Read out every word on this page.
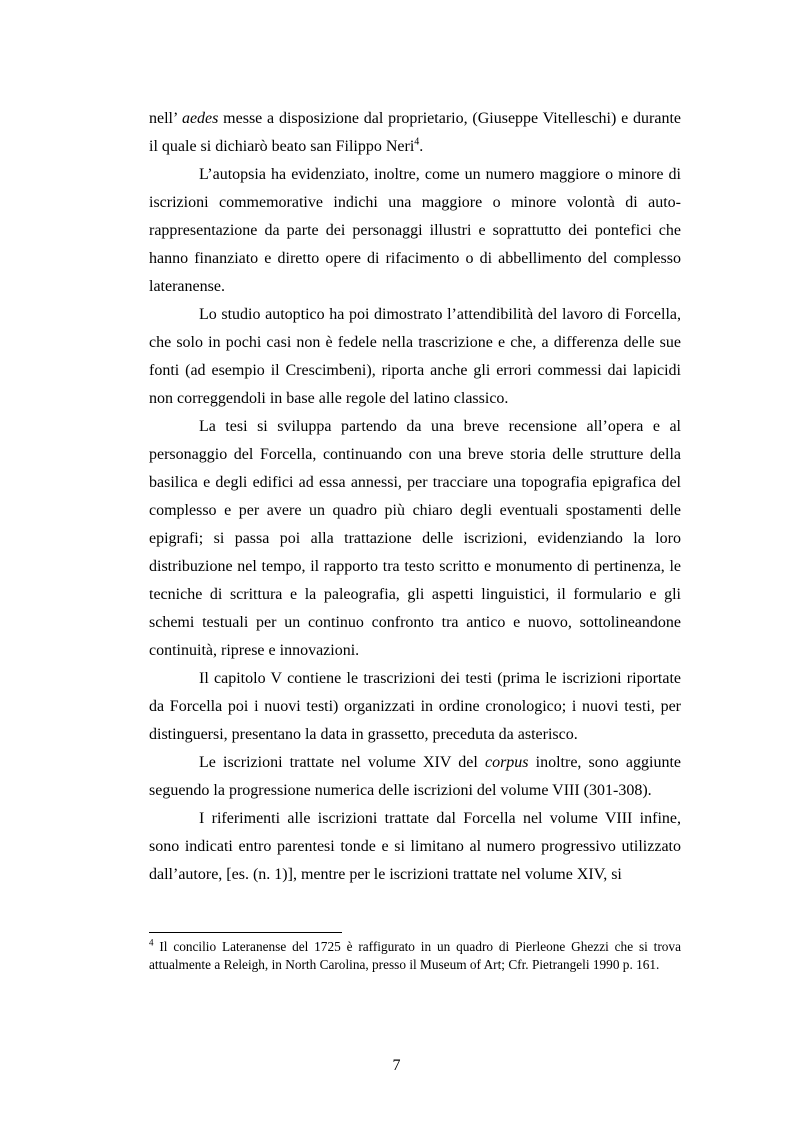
nell’ aedes messe a disposizione dal proprietario, (Giuseppe Vitelleschi) e durante il quale si dichiarò beato san Filippo Neri$^4$.

L’autopsia ha evidenziato, inoltre, come un numero maggiore o minore di iscrizioni commemorative indichi una maggiore o minore volontà di auto-rappresentazione da parte dei personaggi illustri e soprattutto dei pontefici che hanno finanziato e diretto opere di rifacimento o di abbellimento del complesso lateranense.

Lo studio autoptico ha poi dimostrato l’attendibilità del lavoro di Forcella, che solo in pochi casi non è fedele nella trascrizione e che, a differenza delle sue fonti (ad esempio il Crescimbeni), riporta anche gli errori commessi dai lapicidi non correggendoli in base alle regole del latino classico.

La tesi si sviluppa partendo da una breve recensione all’opera e al personaggio del Forcella, continuando con una breve storia delle strutture della basilica e degli edifici ad essa annessi, per tracciare una topografia epigrafica del complesso e per avere un quadro più chiaro degli eventuali spostamenti delle epigrafi; si passa poi alla trattazione delle iscrizioni, evidenziando la loro distribuzione nel tempo, il rapporto tra testo scritto e monumento di pertinenza, le tecniche di scrittura e la paleografia, gli aspetti linguistici, il formulario e gli schemi testuali per un continuo confronto tra antico e nuovo, sottolineandone continuità, riprese e innovazioni.

Il capitolo V contiene le trascrizioni dei testi (prima le iscrizioni riportate da Forcella poi i nuovi testi) organizzati in ordine cronologico; i nuovi testi, per distinguersi, presentano la data in grassetto, preceduta da asterisco.

Le iscrizioni trattate nel volume XIV del corpus inoltre, sono aggiunte seguendo la progressione numerica delle iscrizioni del volume VIII (301-308).

I riferimenti alle iscrizioni trattate dal Forcella nel volume VIII infine, sono indicati entro parentesi tonde e si limitano al numero progressivo utilizzato dall’autore, [es. (n. 1)], mentre per le iscrizioni trattate nel volume XIV, si

$^4$ Il concilio Lateranense del 1725 è raffigurato in un quadro di Pierleone Ghezzi che si trova attualmente a Releigh, in North Carolina, presso il Museum of Art; Cfr. Pietrangeli 1990 p. 161.

7
